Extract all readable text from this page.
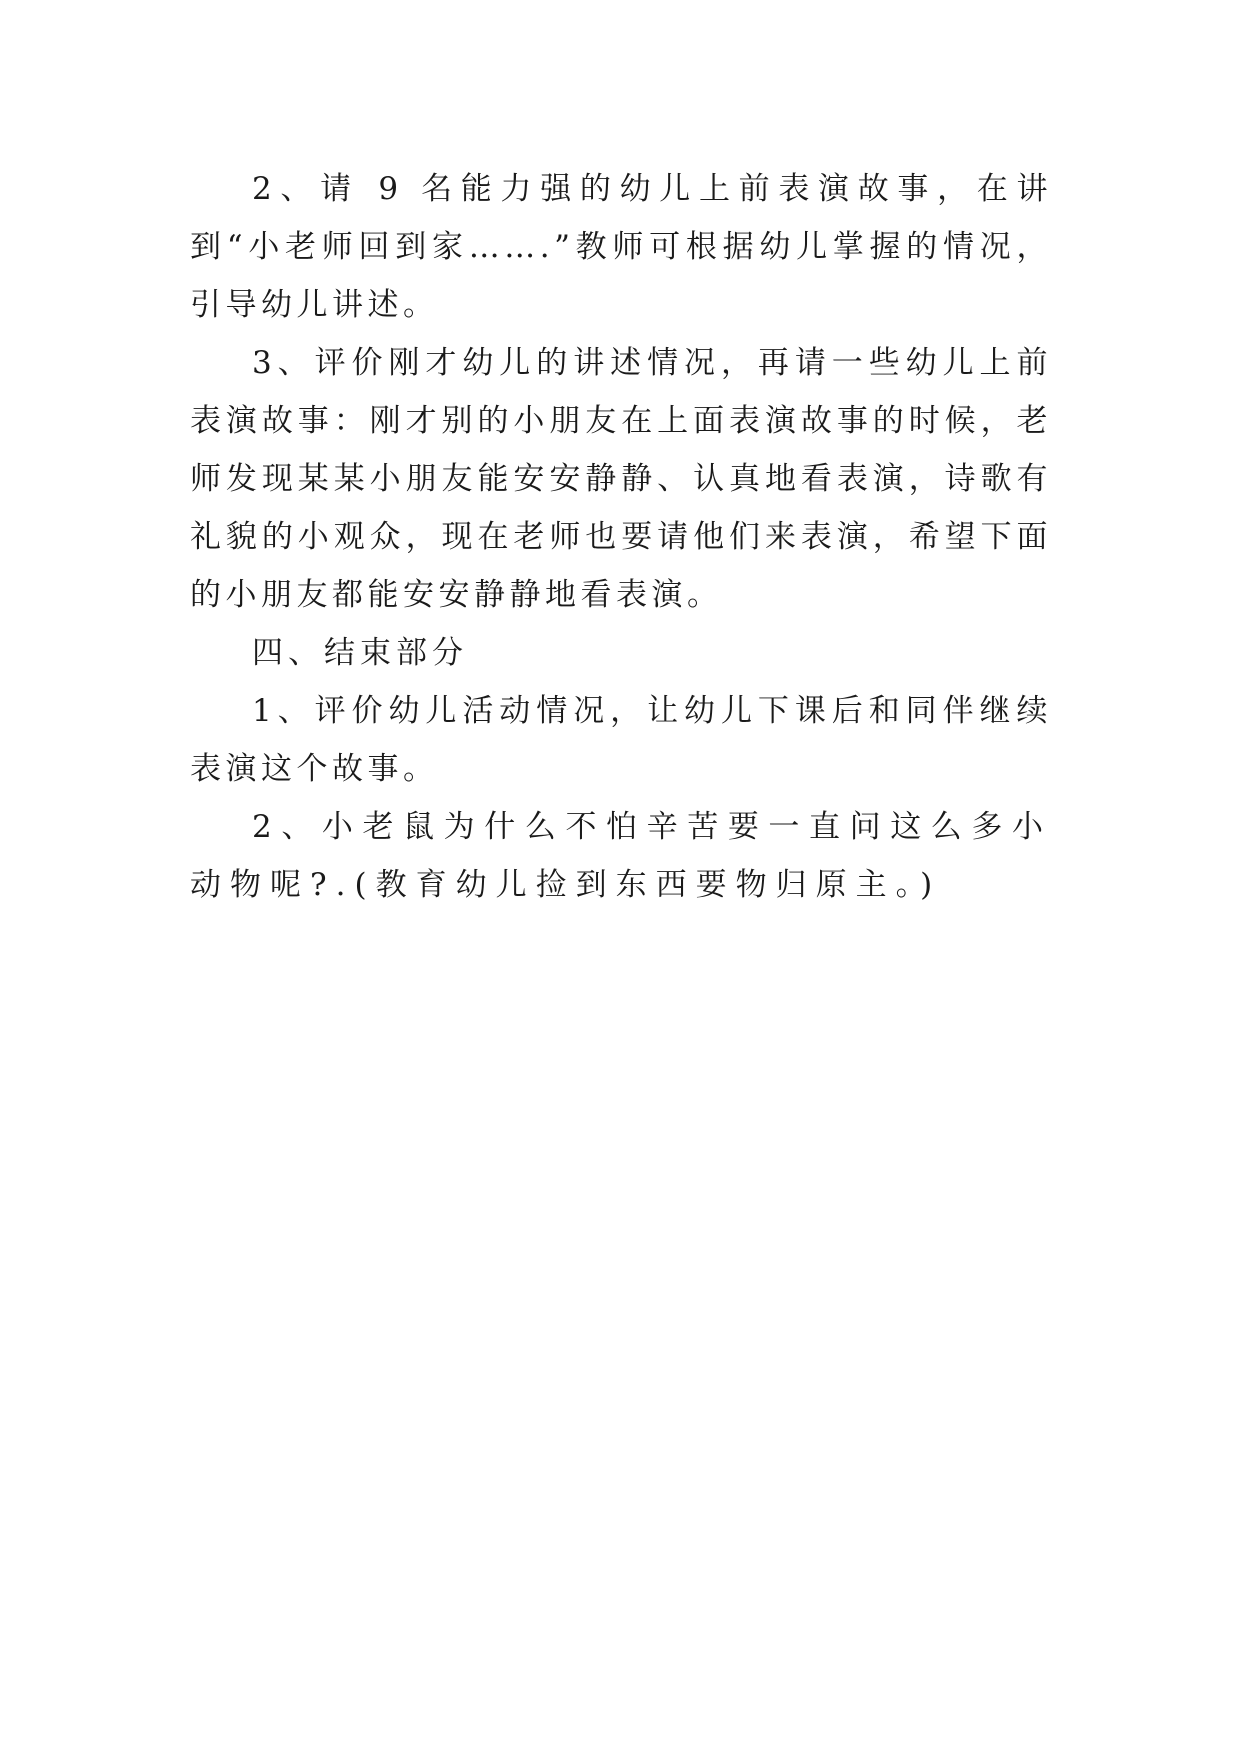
2、请 9 名能力强的幼儿上前表演故事，在讲到“小老师回到家…….”教师可根据幼儿掌握的情况，引导幼儿讲述。

3、评价刚才幼儿的讲述情况，再请一些幼儿上前表演故事：刚才别的小朋友在上面表演故事的时候，老师发现某某小朋友能安安静静、认真地看表演，诗歌有礼貌的小观众，现在老师也要请他们来表演，希望下面的小朋友都能安安静静地看表演。

四、结束部分

1、评价幼儿活动情况，让幼儿下课后和同伴继续表演这个故事。

2、小老鼠为什么不怕辛苦要一直问这么多小动物呢?.(教育幼儿捡到东西要物归原主。)
